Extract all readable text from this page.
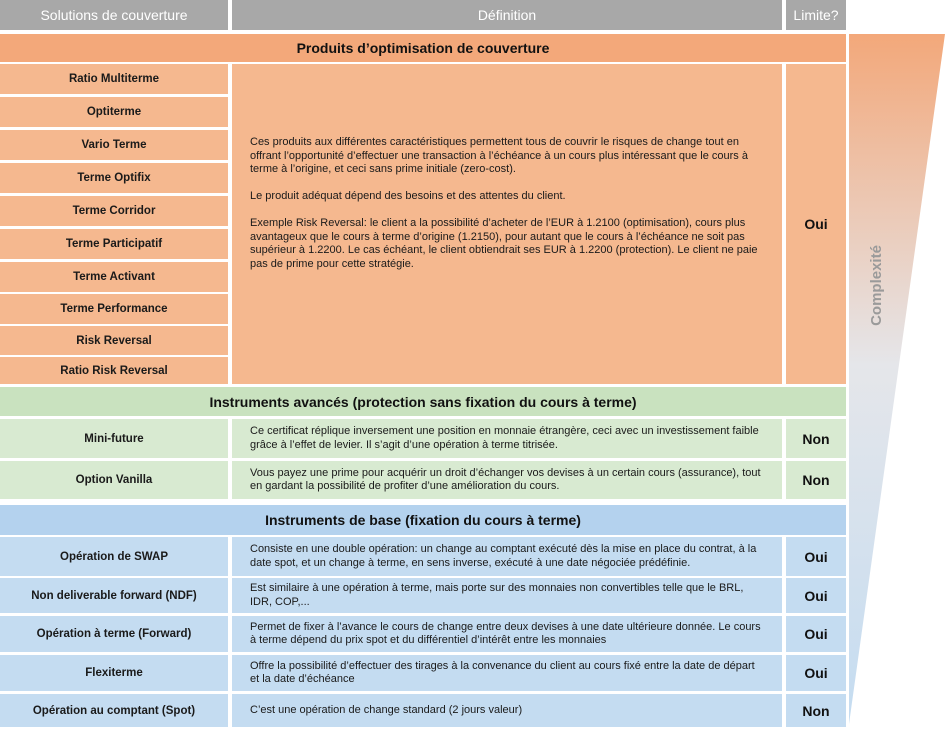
Solutions de couverture	Définition	Limite?
Complexité
Produits d’optimisation de couverture
Ratio Multiterme
Optiterme
Vario Terme
Terme Optifix
Terme Corridor
Terme Participatif
Terme Activant
Terme Performance
Risk Reversal
Ratio Risk Reversal

Ces produits aux différentes caractéristiques permettent tous de couvrir le risques de change tout en offrant l’opportunité d’effectuer une transaction à l’échéance à un cours plus intéressant que le cours à terme à l’origine, et ceci sans prime initiale (zero-cost).

Le produit adéquat dépend des besoins et des attentes du client.

Exemple Risk Reversal: le client a la possibilité d’acheter de l’EUR à 1.2100 (optimisation), cours plus avantageux que le cours à terme d’origine (1.2150), pour autant que le cours à l’échéance ne soit pas supérieur à 1.2200. Le cas échéant, le client obtiendrait ses EUR à 1.2200 (protection). Le client ne paie pas de prime pour cette stratégie.

Oui
Instruments avancés (protection sans fixation du cours à terme)
Mini-future
Ce certificat réplique inversement une position en monnaie étrangère, ceci avec un investissement faible grâce à l’effet de levier. Il s’agit d’une opération à terme titrisée.	Non
Option Vanilla
Vous payez une prime pour acquérir un droit d’échanger vos devises à un certain cours (assurance), tout en gardant la possibilité de profiter d’une amélioration du cours.	Non
Instruments de base (fixation du cours à terme)
Opération de SWAP
Consiste en une double opération: un change au comptant exécuté dès la mise en place du contrat, à la date spot, et un change à terme, en sens inverse, exécuté à une date négociée prédéfinie.	Oui
Non deliverable forward (NDF)
Est similaire à une opération à terme, mais porte sur des monnaies non convertibles telle que le BRL, IDR, COP,...	Oui
Opération à terme (Forward)
Permet de fixer à l’avance le cours de change entre deux devises à une date ultérieure donnée. Le cours à terme dépend du prix spot et du différentiel d’intérêt entre les monnaies	Oui
Flexiterme
Offre la possibilité d’effectuer des tirages à la convenance du client au cours fixé entre la date de départ et la date d’échéance	Oui
Opération au comptant (Spot)	C’est une opération de change standard (2 jours valeur)	Non
